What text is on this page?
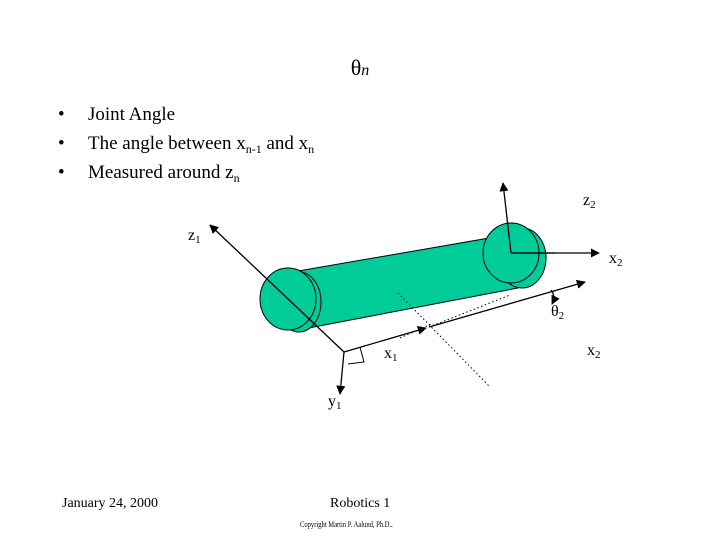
θn
• Joint Angle
• The angle between $x_{n-1}$ and $x_n$
• Measured around $z_n$
z2
z1
x2
θ2
x2
x1
y1
January 24, 2000	Robotics 1
Copyright Martin P. Aalund, Ph.D..
